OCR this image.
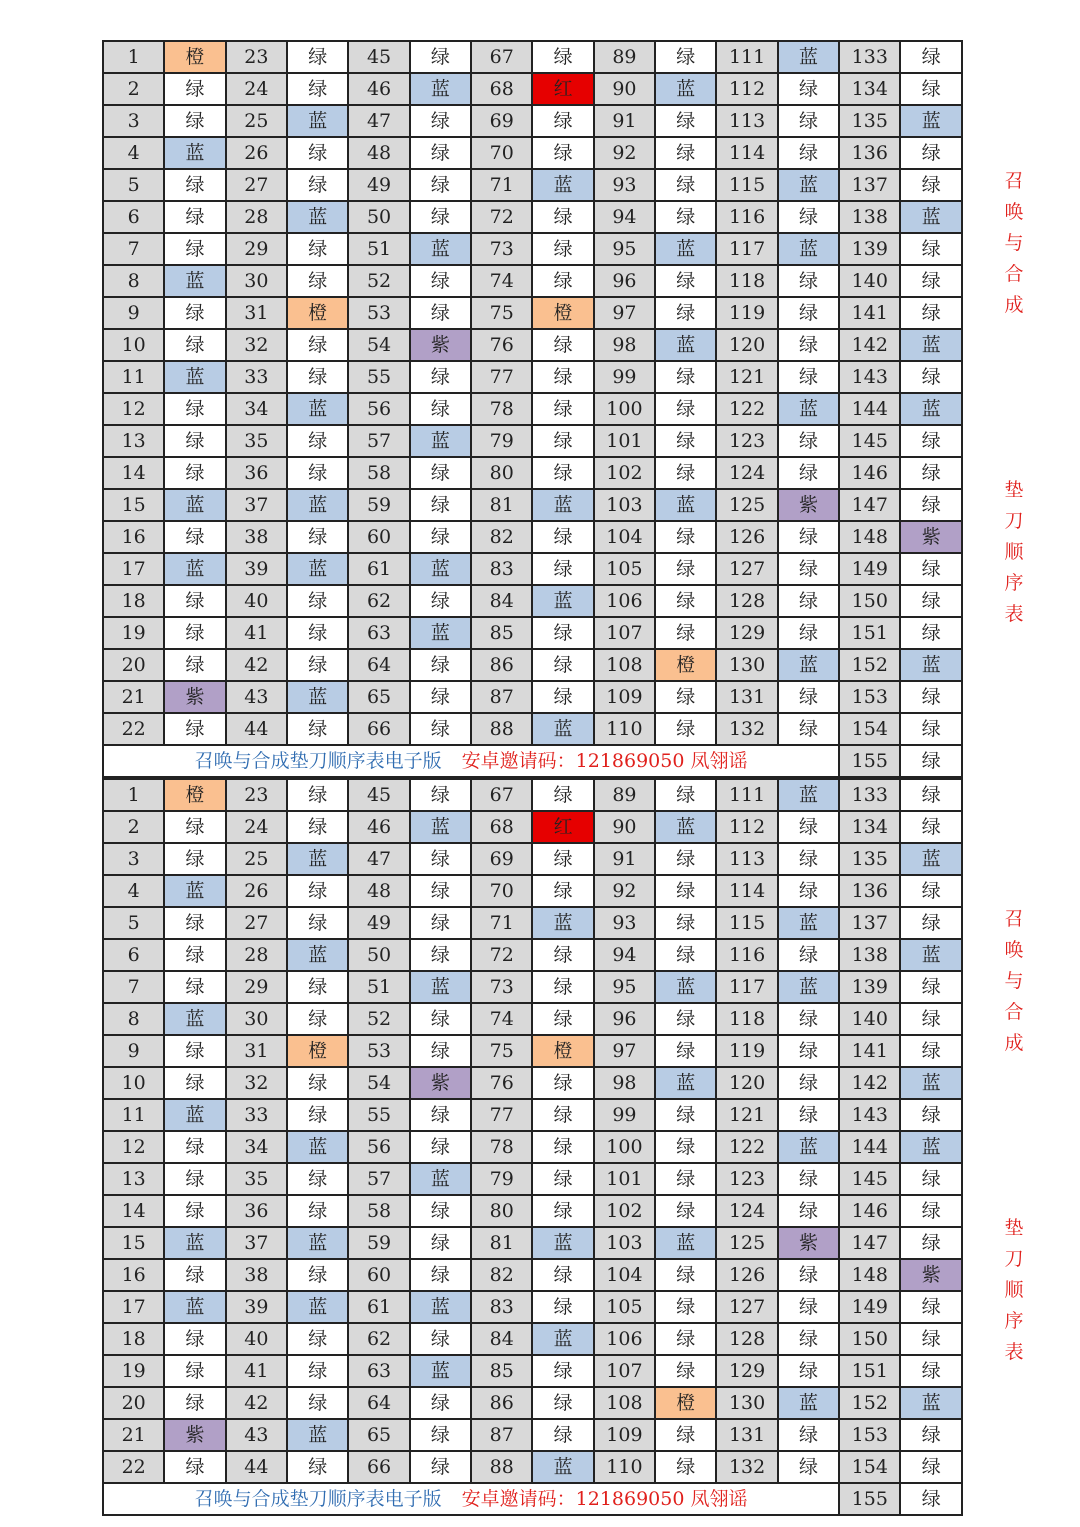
1	橙	23	绿	45	绿	67	绿	89	绿	111	蓝	133	绿
2	绿	24	绿	46	蓝	68	红	90	蓝	112	绿	134	绿
3	绿	25	蓝	47	绿	69	绿	91	绿	113	绿	135	蓝
4	蓝	26	绿	48	绿	70	绿	92	绿	114	绿	136	绿
5	绿	27	绿	49	绿	71	蓝	93	绿	115	蓝	137	绿
6	绿	28	蓝	50	绿	72	绿	94	绿	116	绿	138	蓝
7	绿	29	绿	51	蓝	73	绿	95	蓝	117	蓝	139	绿
8	蓝	30	绿	52	绿	74	绿	96	绿	118	绿	140	绿
9	绿	31	橙	53	绿	75	橙	97	绿	119	绿	141	绿
10	绿	32	绿	54	紫	76	绿	98	蓝	120	绿	142	蓝
11	蓝	33	绿	55	绿	77	绿	99	绿	121	绿	143	绿
12	绿	34	蓝	56	绿	78	绿	100	绿	122	蓝	144	蓝
13	绿	35	绿	57	蓝	79	绿	101	绿	123	绿	145	绿
14	绿	36	绿	58	绿	80	绿	102	绿	124	绿	146	绿
15	蓝	37	蓝	59	绿	81	蓝	103	蓝	125	紫	147	绿
16	绿	38	绿	60	绿	82	绿	104	绿	126	绿	148	紫
17	蓝	39	蓝	61	蓝	83	绿	105	绿	127	绿	149	绿
18	绿	40	绿	62	绿	84	蓝	106	绿	128	绿	150	绿
19	绿	41	绿	63	蓝	85	绿	107	绿	129	绿	151	绿
20	绿	42	绿	64	绿	86	绿	108	橙	130	蓝	152	蓝
21	紫	43	蓝	65	绿	87	绿	109	绿	131	绿	153	绿
22	绿	44	绿	66	绿	88	蓝	110	绿	132	绿	154	绿
召唤与合成垫刀顺序表电子版 安卓邀请码：121869050 凤翎谣												155	绿
召
唤
与
合
成
垫
刀
顺
序
表
1	橙	23	绿	45	绿	67	绿	89	绿	111	蓝	133	绿
2	绿	24	绿	46	蓝	68	红	90	蓝	112	绿	134	绿
3	绿	25	蓝	47	绿	69	绿	91	绿	113	绿	135	蓝
4	蓝	26	绿	48	绿	70	绿	92	绿	114	绿	136	绿
5	绿	27	绿	49	绿	71	蓝	93	绿	115	蓝	137	绿
6	绿	28	蓝	50	绿	72	绿	94	绿	116	绿	138	蓝
7	绿	29	绿	51	蓝	73	绿	95	蓝	117	蓝	139	绿
8	蓝	30	绿	52	绿	74	绿	96	绿	118	绿	140	绿
9	绿	31	橙	53	绿	75	橙	97	绿	119	绿	141	绿
10	绿	32	绿	54	紫	76	绿	98	蓝	120	绿	142	蓝
11	蓝	33	绿	55	绿	77	绿	99	绿	121	绿	143	绿
12	绿	34	蓝	56	绿	78	绿	100	绿	122	蓝	144	蓝
13	绿	35	绿	57	蓝	79	绿	101	绿	123	绿	145	绿
14	绿	36	绿	58	绿	80	绿	102	绿	124	绿	146	绿
15	蓝	37	蓝	59	绿	81	蓝	103	蓝	125	紫	147	绿
16	绿	38	绿	60	绿	82	绿	104	绿	126	绿	148	紫
17	蓝	39	蓝	61	蓝	83	绿	105	绿	127	绿	149	绿
18	绿	40	绿	62	绿	84	蓝	106	绿	128	绿	150	绿
19	绿	41	绿	63	蓝	85	绿	107	绿	129	绿	151	绿
20	绿	42	绿	64	绿	86	绿	108	橙	130	蓝	152	蓝
21	紫	43	蓝	65	绿	87	绿	109	绿	131	绿	153	绿
22	绿	44	绿	66	绿	88	蓝	110	绿	132	绿	154	绿
召唤与合成垫刀顺序表电子版 安卓邀请码：121869050 凤翎谣												155	绿
召
唤
与
合
成
垫
刀
顺
序
表
